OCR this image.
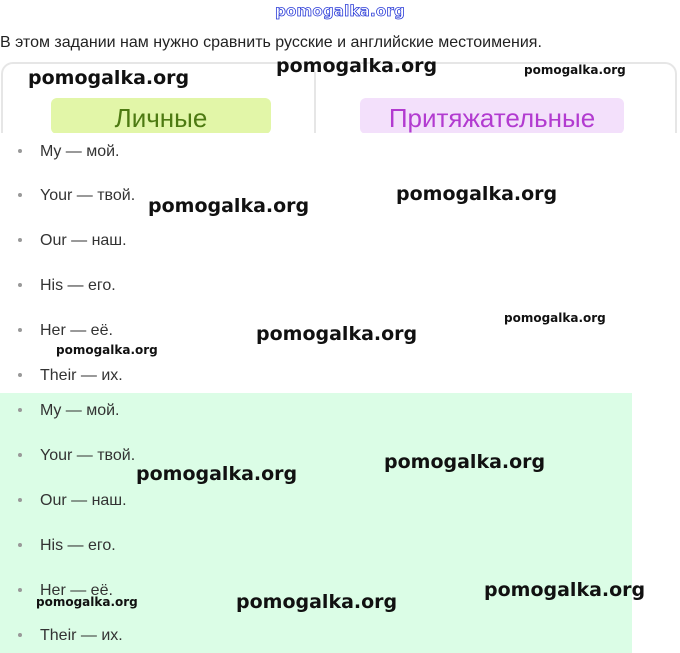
pomogalka.org
В этом задании нам нужно сравнить русские и английские местоимения.
Личные	Притяжательные
My — мой.
Your — твой.
Our — наш.
His — его.
Her — её.
Their — их.
My — мой.
Your — твой.
Our — наш.
His — его.
Her — её.
Their — их.
pomogalka.org
pomogalka.org	pomogalka.org
pomogalka.org
pomogalka.org
pomogalka.org
pomogalka.org
pomogalka.org
pomogalka.org
pomogalka.org
pomogalka.org
pomogalka.org	pomogalka.org
